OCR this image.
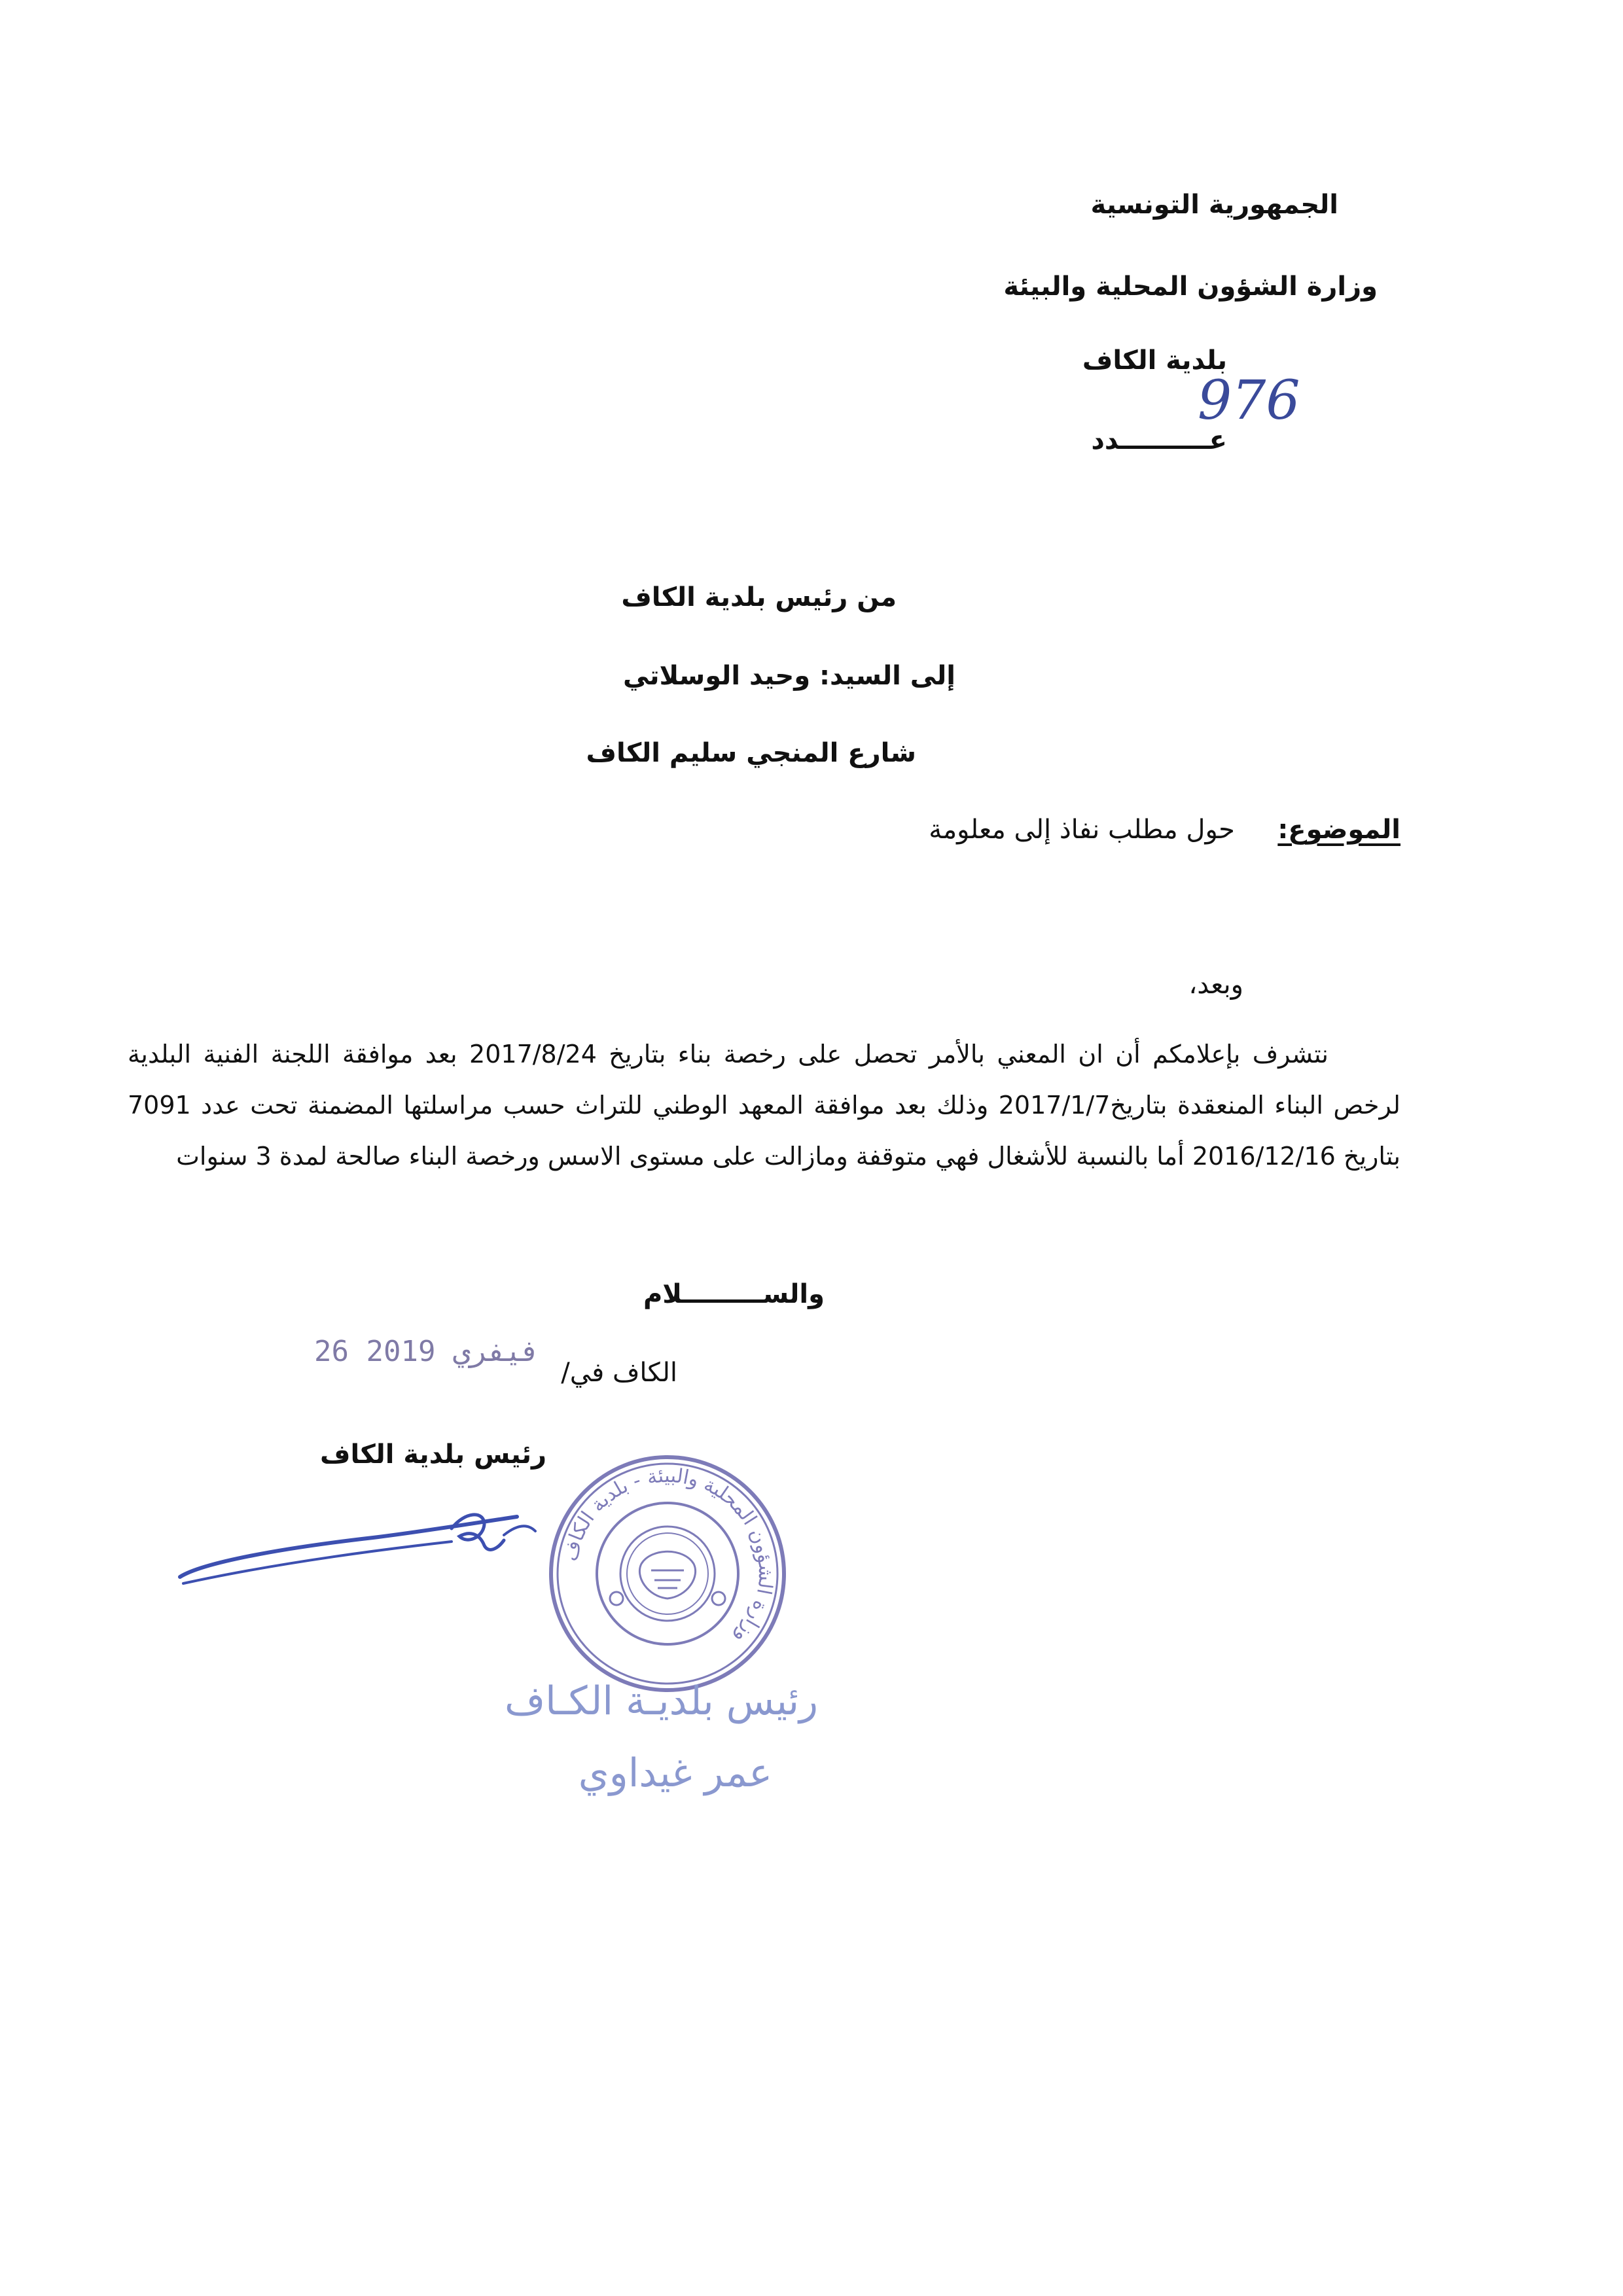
الجمهورية التونسية
وزارة الشؤون المحلية والبيئة
بلدية الكاف
عــــــــــدد
976
من رئيس بلدية الكاف
إلى السيد: وحيد الوسلاتي
شارع المنجي سليم الكاف
الموضوع:  حول مطلب نفاذ إلى معلومة
وبعد،
نتشرف بإعلامكم أن ان المعني بالأمر تحصل على رخصة بناء بتاريخ 2017/8/24 بعد موافقة اللجنة الفنية البلدية لرخص البناء المنعقدة بتاريخ2017/1/7 وذلك بعد موافقة المعهد الوطني للتراث حسب مراسلتها المضمنة تحت عدد 7091 بتاريخ 2016/12/16 أما بالنسبة للأشغال فهي متوقفة ومازالت على مستوى الاسس ورخصة البناء صالحة لمدة 3 سنوات
والســـــــــلام
26 فيفري 2019
الكاف في/
رئيس بلدية الكاف
وزارة الشؤون المحلية والبيئة - بلدية الكاف
رئيس بلديـة الكـاف
عمر غيداوي
